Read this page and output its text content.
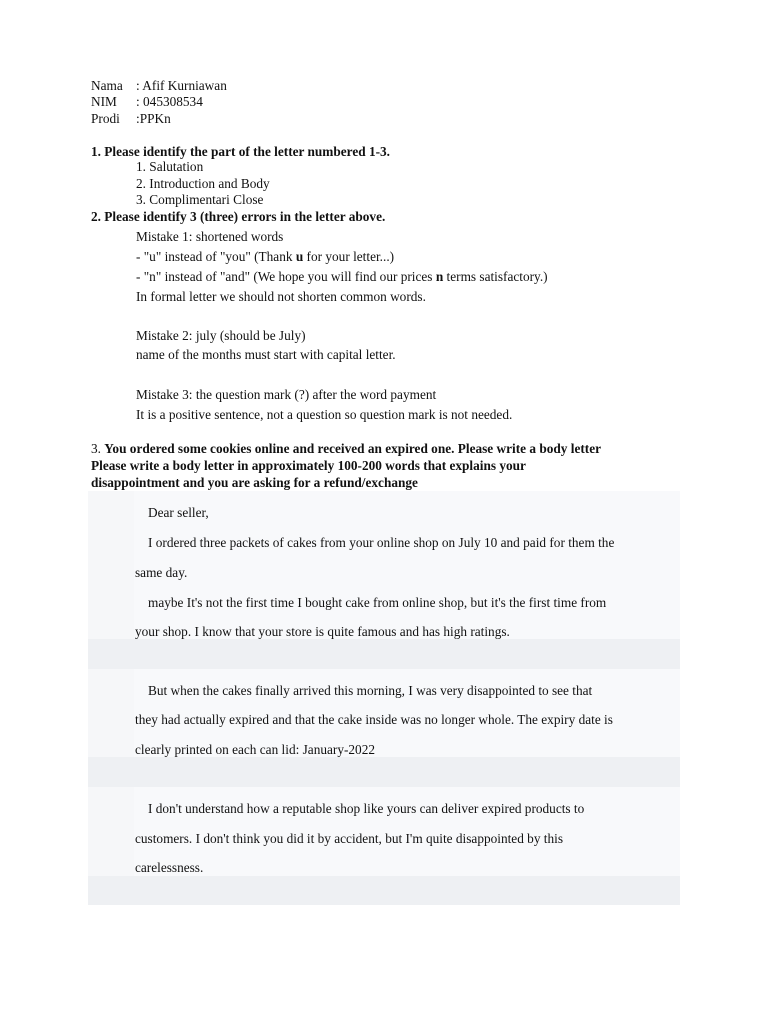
Nama : Afif Kurniawan
NIM : 045308534
Prodi :PPKn
1. Please identify the part of the letter numbered 1-3.
1. Salutation
2. Introduction and Body
3. Complimentari Close
2. Please identify 3 (three) errors in the letter above.
Mistake 1: shortened words
- "u" instead of "you" (Thank u for your letter...)
- "n" instead of "and" (We hope you will find our prices n terms satisfactory.)
In formal letter we should not shorten common words.
Mistake 2: july (should be July)
name of the months must start with capital letter.
Mistake 3: the question mark (?) after the word payment
It is a positive sentence, not a question so question mark is not needed.
3. You ordered some cookies online and received an expired one. Please write a body letter
Please write a body letter in approximately 100-200 words that explains your
disappointment and you are asking for a refund/exchange
Dear seller,
I ordered three packets of cakes from your online shop on July 10 and paid for them the
same day.
maybe It's not the first time I bought cake from online shop, but it's the first time from
your shop. I know that your store is quite famous and has high ratings.
But when the cakes finally arrived this morning, I was very disappointed to see that
they had actually expired and that the cake inside was no longer whole. The expiry date is
clearly printed on each can lid: January-2022
I don't understand how a reputable shop like yours can deliver expired products to
customers. I don't think you did it by accident, but I'm quite disappointed by this
carelessness.
